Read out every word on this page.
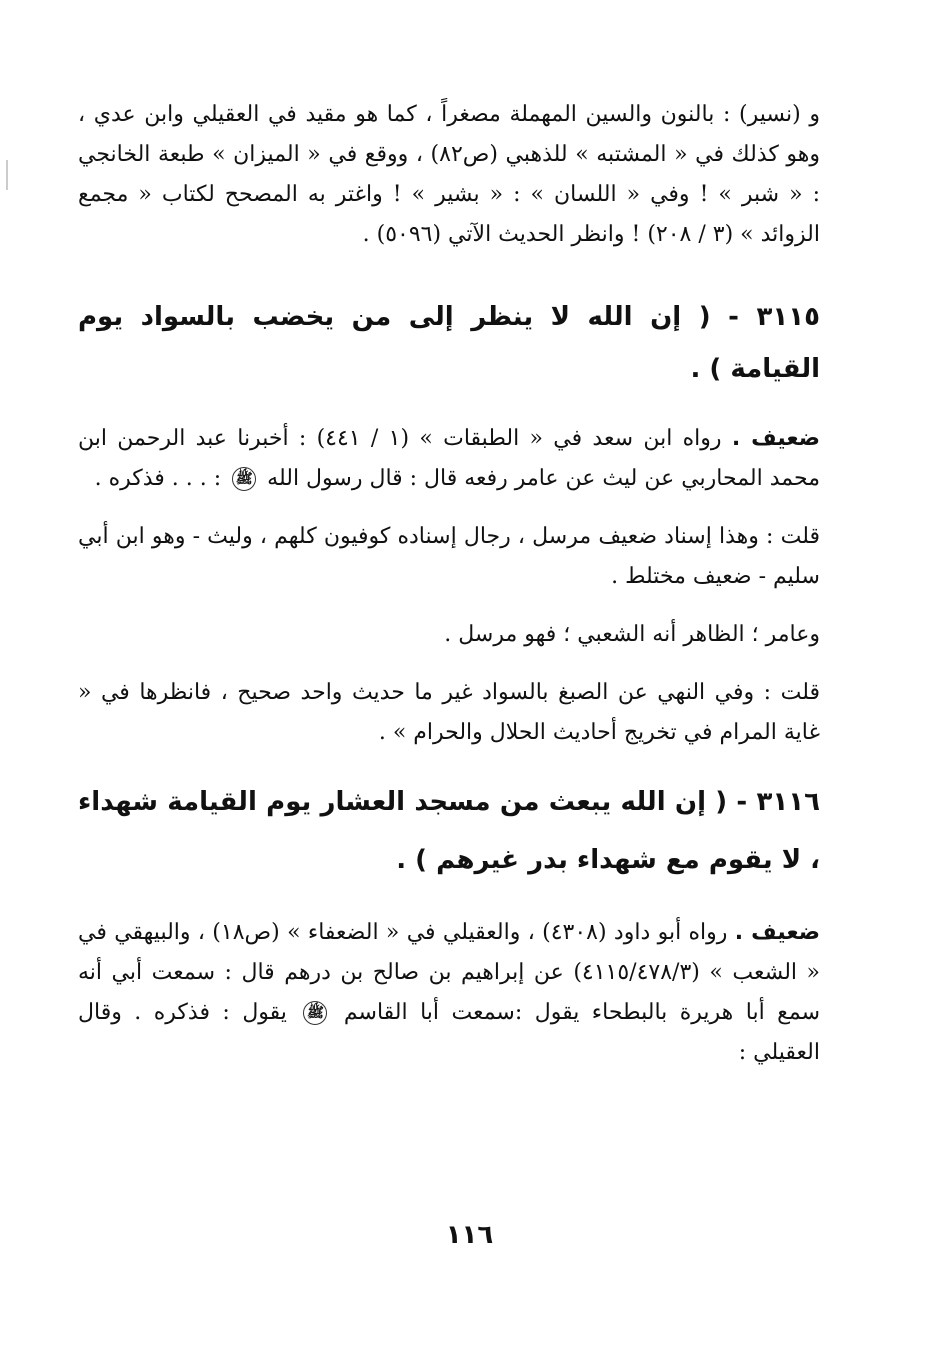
و (نسير) : بالنون والسين المهملة مصغراً ، كما هو مقيد في العقيلي وابن عدي ، وهو كذلك في « المشتبه » للذهبي (ص٨٢) ، ووقع في « الميزان » طبعة الخانجي : « شبر » ! وفي « اللسان » : « بشير » ! واغتر به المصحح لكتاب « مجمع الزوائد » (٣ / ٢٠٨) ! وانظر الحديث الآتي (٥٠٩٦) .

٣١١٥ - ( إن الله لا ينظر إلى من يخضب بالسواد يوم القيامة ) .

ضعيف . رواه ابن سعد في « الطبقات » (١ / ٤٤١) : أخبرنا عبد الرحمن ابن محمد المحاربي عن ليث عن عامر رفعه قال : قال رسول الله ﷺ : . . . فذكره .

قلت : وهذا إسناد ضعيف مرسل ، رجال إسناده كوفيون كلهم ، وليث - وهو ابن أبي سليم - ضعيف مختلط .

وعامر ؛ الظاهر أنه الشعبي ؛ فهو مرسل .

قلت : وفي النهي عن الصبغ بالسواد غير ما حديث واحد صحيح ، فانظرها في « غاية المرام في تخريج أحاديث الحلال والحرام » .

٣١١٦ - ( إن الله يبعث من مسجد العشار يوم القيامة شهداء ، لا يقوم مع شهداء بدر غيرهم ) .

ضعيف . رواه أبو داود (٤٣٠٨) ، والعقيلي في « الضعفاء » (ص١٨) ، والبيهقي في « الشعب » (٤١١٥/٤٧٨/٣) عن إبراهيم بن صالح بن درهم قال : سمعت أبي أنه سمع أبا هريرة بالبطحاء يقول :سمعت أبا القاسم ﷺ يقول : فذكره . وقال العقيلي :

١١٦
